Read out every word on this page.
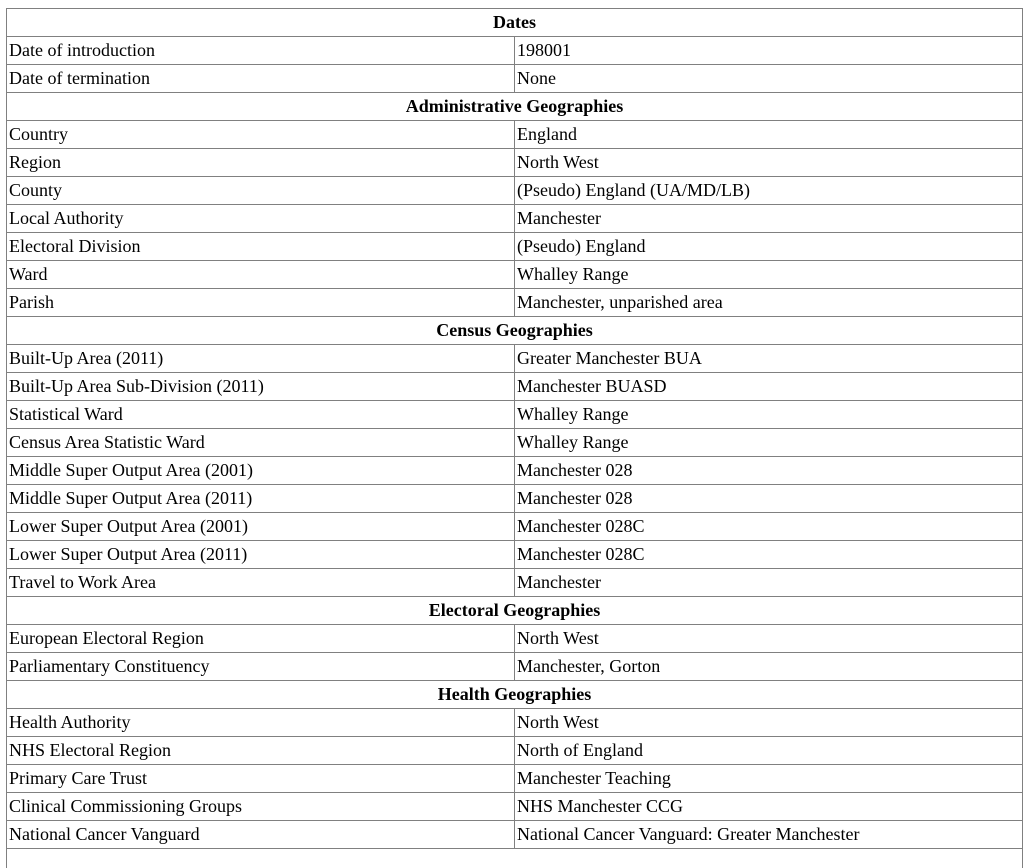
Dates	
Date of introduction	198001
Date of termination	None
Administrative Geographies	
Country	England
Region	North West
County	(Pseudo) England (UA/MD/LB)
Local Authority	Manchester
Electoral Division	(Pseudo) England
Ward	Whalley Range
Parish	Manchester, unparished area
Census Geographies	
Built-Up Area (2011)	Greater Manchester BUA
Built-Up Area Sub-Division (2011)	Manchester BUASD
Statistical Ward	Whalley Range
Census Area Statistic Ward	Whalley Range
Middle Super Output Area (2001)	Manchester 028
Middle Super Output Area (2011)	Manchester 028
Lower Super Output Area (2001)	Manchester 028C
Lower Super Output Area (2011)	Manchester 028C
Travel to Work Area	Manchester
Electoral Geographies	
European Electoral Region	North West
Parliamentary Constituency	Manchester, Gorton
Health Geographies	
Health Authority	North West
NHS Electoral Region	North of England
Primary Care Trust	Manchester Teaching
Clinical Commissioning Groups	NHS Manchester CCG
National Cancer Vanguard	National Cancer Vanguard: Greater Manchester
